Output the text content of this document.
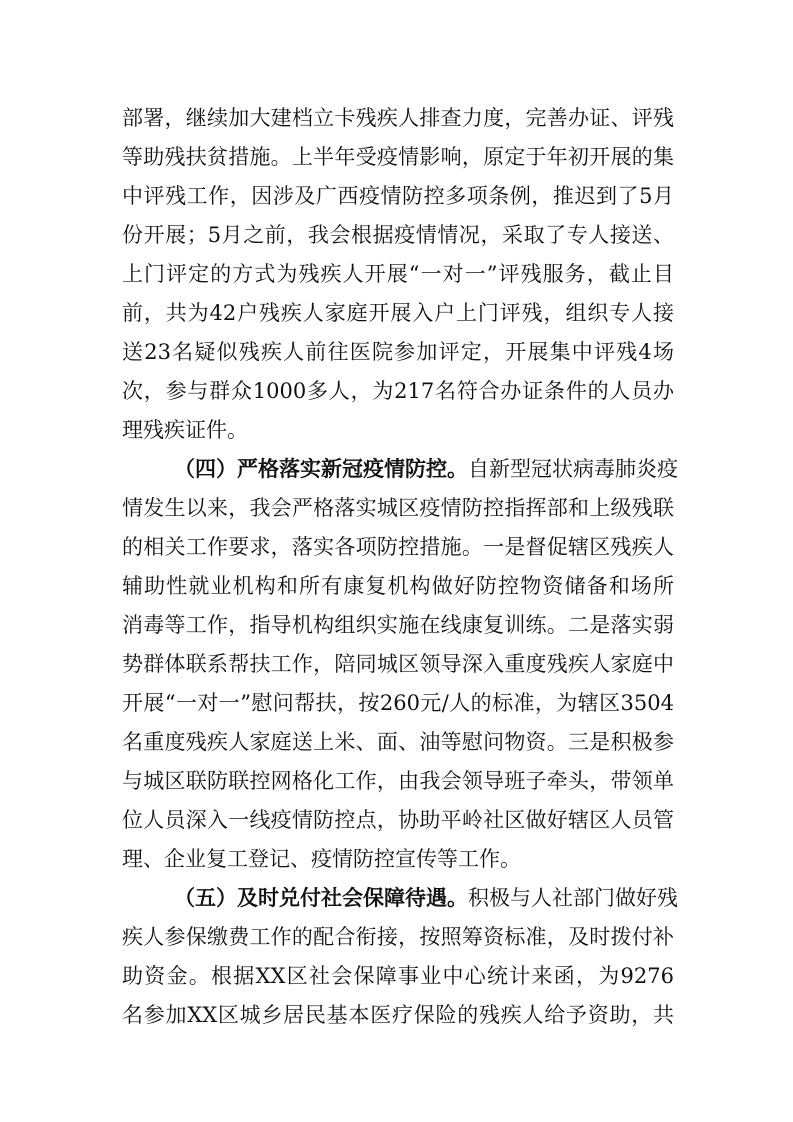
部署，继续加大建档立卡残疾人排查力度，完善办证、评残
等助残扶贫措施。上半年受疫情影响，原定于年初开展的集
中评残工作，因涉及广西疫情防控多项条例，推迟到了5月
份开展；5月之前，我会根据疫情情况，采取了专人接送、
上门评定的方式为残疾人开展“一对一”评残服务，截止目
前，共为42户残疾人家庭开展入户上门评残，组织专人接
送23名疑似残疾人前往医院参加评定，开展集中评残4场
次，参与群众1000多人，为217名符合办证条件的人员办
理残疾证件。
（四）严格落实新冠疫情防控。自新型冠状病毒肺炎疫
情发生以来，我会严格落实城区疫情防控指挥部和上级残联
的相关工作要求，落实各项防控措施。一是督促辖区残疾人
辅助性就业机构和所有康复机构做好防控物资储备和场所
消毒等工作，指导机构组织实施在线康复训练。二是落实弱
势群体联系帮扶工作，陪同城区领导深入重度残疾人家庭中
开展“一对一”慰问帮扶，按260元/人的标准，为辖区3504
名重度残疾人家庭送上米、面、油等慰问物资。三是积极参
与城区联防联控网格化工作，由我会领导班子牵头，带领单
位人员深入一线疫情防控点，协助平岭社区做好辖区人员管
理、企业复工登记、疫情防控宣传等工作。
（五）及时兑付社会保障待遇。积极与人社部门做好残
疾人参保缴费工作的配合衔接，按照筹资标准，及时拨付补
助资金。根据XX区社会保障事业中心统计来函，为9276
名参加XX区城乡居民基本医疗保险的残疾人给予资助，共
